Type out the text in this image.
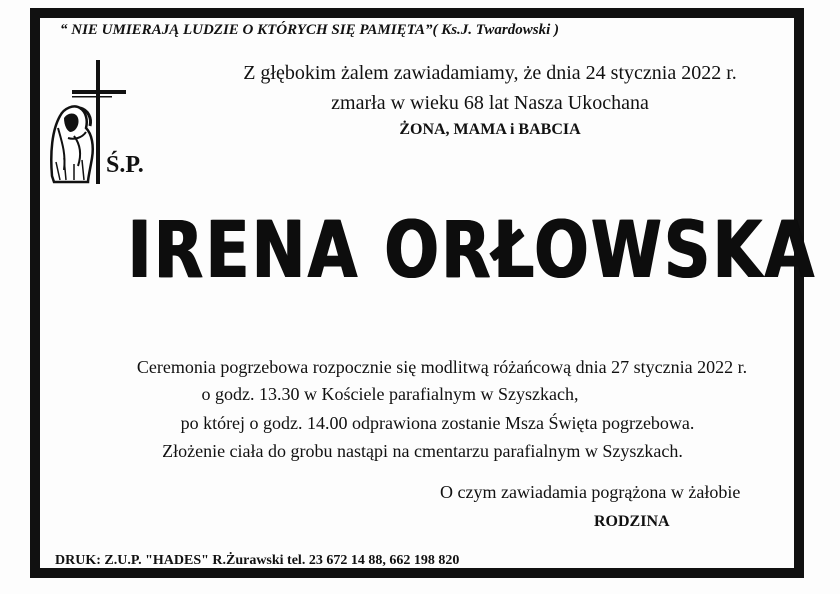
“ NIE UMIERAJĄ LUDZIE O KTÓRYCH SIĘ PAMIĘTA”( Ks.J. Twardowski )
Z głębokim żalem zawiadamiamy, że dnia 24 stycznia 2022 r.
zmarła w wieku 68 lat Nasza Ukochana
ŻONA, MAMA i BABCIA
Ś.P.
IRENA ORŁOWSKA
Ceremonia pogrzebowa rozpocznie się modlitwą różańcową dnia 27 stycznia 2022 r.
o godz. 13.30 w Kościele parafialnym w Szyszkach,
po której o godz. 14.00 odprawiona zostanie Msza Święta pogrzebowa.
Złożenie ciała do grobu nastąpi na cmentarzu parafialnym w Szyszkach.
O czym zawiadamia pogrążona w żałobie
RODZINA
DRUK: Z.U.P. "HADES" R.Żurawski tel. 23 672 14 88, 662 198 820
